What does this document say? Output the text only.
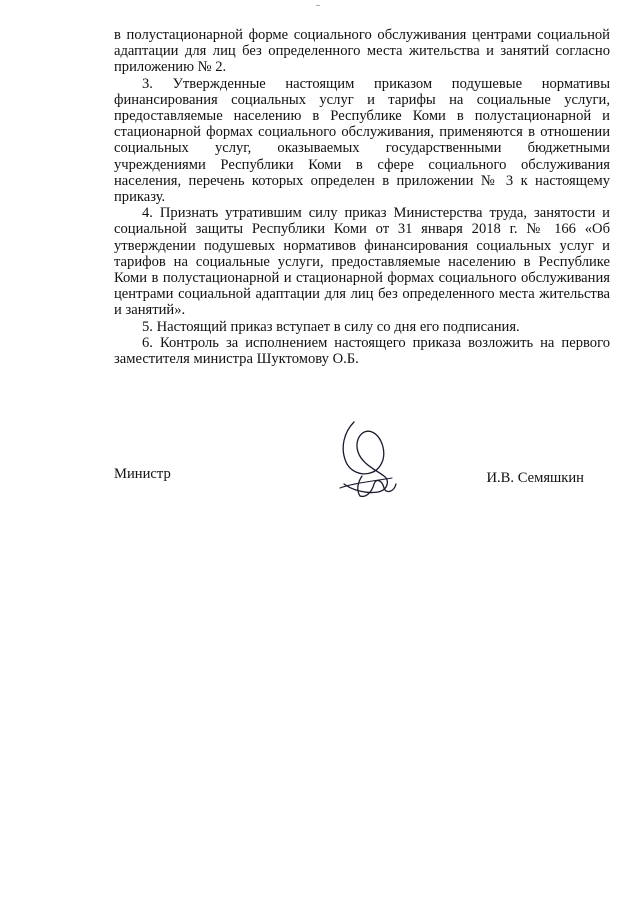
в полустационарной форме социального обслуживания центрами социальной адаптации для лиц без определенного места жительства и занятий согласно приложению № 2.

3. Утвержденные настоящим приказом подушевые нормативы финансирования социальных услуг и тарифы на социальные услуги, предоставляемые населению в Республике Коми в полустационарной и стационарной формах социального обслуживания, применяются в отношении социальных услуг, оказываемых государственными бюджетными учреждениями Республики Коми в сфере социального обслуживания населения, перечень которых определен в приложении № 3 к настоящему приказу.

4. Признать утратившим силу приказ Министерства труда, занятости и социальной защиты Республики Коми от 31 января 2018 г. № 166 «Об утверждении подушевых нормативов финансирования социальных услуг и тарифов на социальные услуги, предоставляемые населению в Республике Коми в полустационарной и стационарной формах социального обслуживания центрами социальной адаптации для лиц без определенного места жительства и занятий».

5. Настоящий приказ вступает в силу со дня его подписания.

6. Контроль за исполнением настоящего приказа возложить на первого заместителя министра Шуктомову О.Б.

Министр	И.В. Семяшкин
